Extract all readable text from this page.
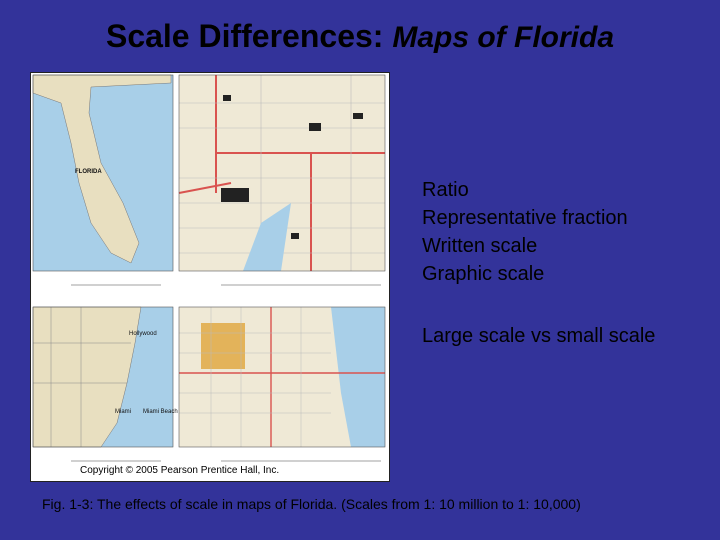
Scale Differences: Maps of Florida
FLORIDA
Hollywood
Miami Miami Beach
Copyright © 2005 Pearson Prentice Hall, Inc.
Ratio
Representative fraction
Written scale
Graphic scale
Large scale vs small scale
Fig. 1-3: The effects of scale in maps of Florida. (Scales from 1: 10 million to 1: 10,000)
